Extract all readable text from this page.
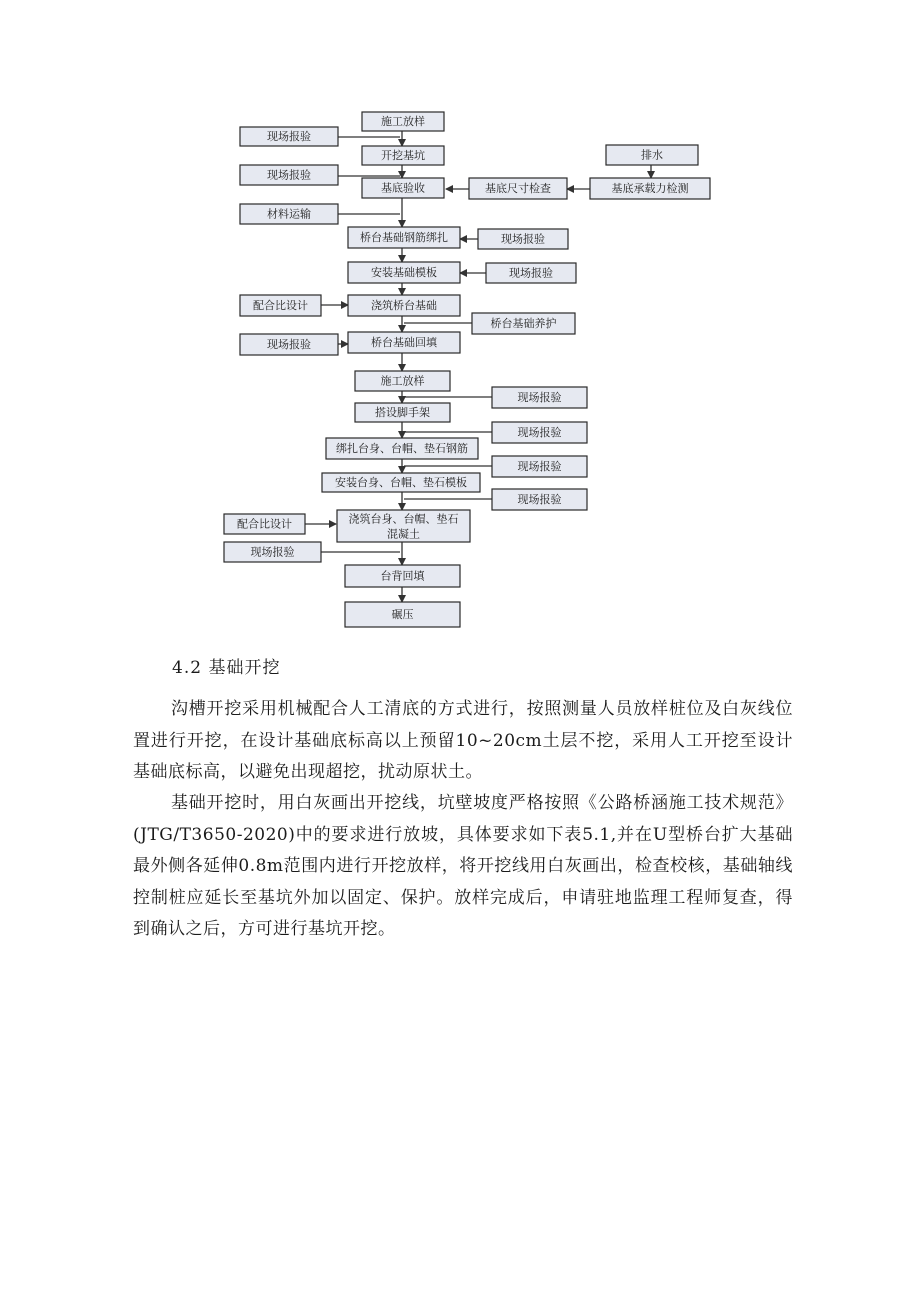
施工放样
开挖基坑
基底验收
桥台基础钢筋绑扎
安装基础模板
浇筑桥台基础
桥台基础回填
施工放样
搭设脚手架
绑扎台身、台帽、垫石钢筋
安装台身、台帽、垫石模板
浇筑台身、台帽、垫石
混凝土
台背回填
碾压
现场报验
现场报验
材料运输
配合比设计
现场报验
配合比设计
现场报验
排水
基底承载力检测
基底尺寸检查
现场报验
现场报验
桥台基础养护
现场报验
现场报验
现场报验
现场报验
4.2 基础开挖

沟槽开挖采用机械配合人工清底的方式进行，按照测量人员放样桩位及白灰线位置进行开挖，在设计基础底标高以上预留10~20cm土层不挖，采用人工开挖至设计基础底标高，以避免出现超挖，扰动原状土。

基础开挖时，用白灰画出开挖线，坑壁坡度严格按照《公路桥涵施工技术规范》(JTG/T3650-2020)中的要求进行放坡，具体要求如下表5.1,并在U型桥台扩大基础最外侧各延伸0.8m范围内进行开挖放样，将开挖线用白灰画出，检查校核，基础轴线控制桩应延长至基坑外加以固定、保护。放样完成后，申请驻地监理工程师复查，得到确认之后，方可进行基坑开挖。
